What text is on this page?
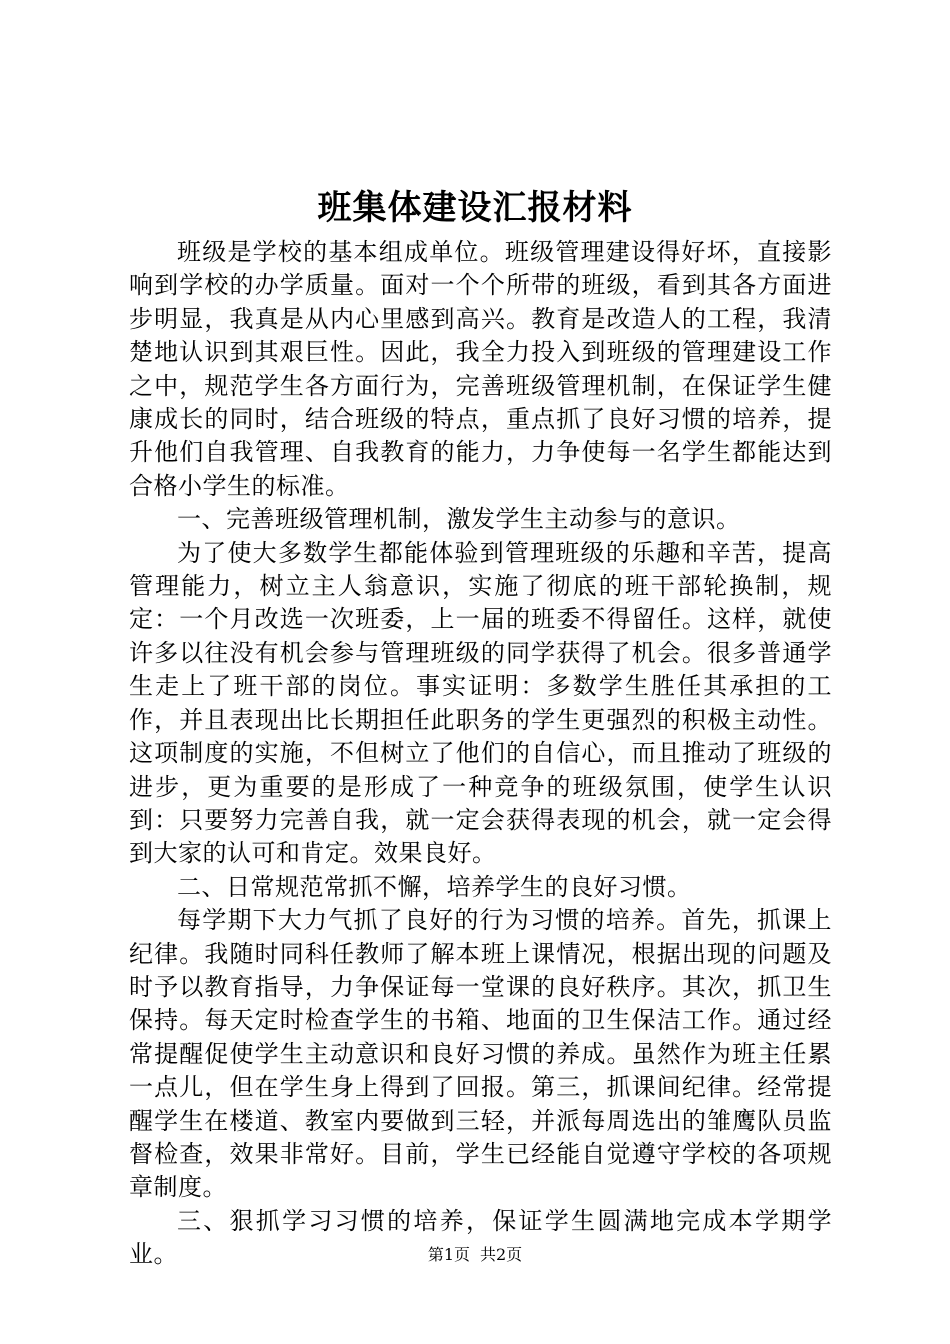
班集体建设汇报材料

班级是学校的基本组成单位。班级管理建设得好坏，直接影响到学校的办学质量。面对一个个所带的班级，看到其各方面进步明显，我真是从内心里感到高兴。教育是改造人的工程，我清楚地认识到其艰巨性。因此，我全力投入到班级的管理建设工作之中，规范学生各方面行为，完善班级管理机制，在保证学生健康成长的同时，结合班级的特点，重点抓了良好习惯的培养，提升他们自我管理、自我教育的能力，力争使每一名学生都能达到合格小学生的标准。

一、完善班级管理机制，激发学生主动参与的意识。

为了使大多数学生都能体验到管理班级的乐趣和辛苦，提高管理能力，树立主人翁意识，实施了彻底的班干部轮换制，规定：一个月改选一次班委，上一届的班委不得留任。这样，就使许多以往没有机会参与管理班级的同学获得了机会。很多普通学生走上了班干部的岗位。事实证明：多数学生胜任其承担的工作，并且表现出比长期担任此职务的学生更强烈的积极主动性。这项制度的实施，不但树立了他们的自信心，而且推动了班级的进步，更为重要的是形成了一种竞争的班级氛围，使学生认识到：只要努力完善自我，就一定会获得表现的机会，就一定会得到大家的认可和肯定。效果良好。

二、日常规范常抓不懈，培养学生的良好习惯。

每学期下大力气抓了良好的行为习惯的培养。首先，抓课上纪律。我随时同科任教师了解本班上课情况，根据出现的问题及时予以教育指导，力争保证每一堂课的良好秩序。其次，抓卫生保持。每天定时检查学生的书箱、地面的卫生保洁工作。通过经常提醒促使学生主动意识和良好习惯的养成。虽然作为班主任累一点儿，但在学生身上得到了回报。第三，抓课间纪律。经常提醒学生在楼道、教室内要做到三轻，并派每周选出的雏鹰队员监督检查，效果非常好。目前，学生已经能自觉遵守学校的各项规章制度。

三、狠抓学习习惯的培养，保证学生圆满地完成本学期学业。	第1页 共2页
